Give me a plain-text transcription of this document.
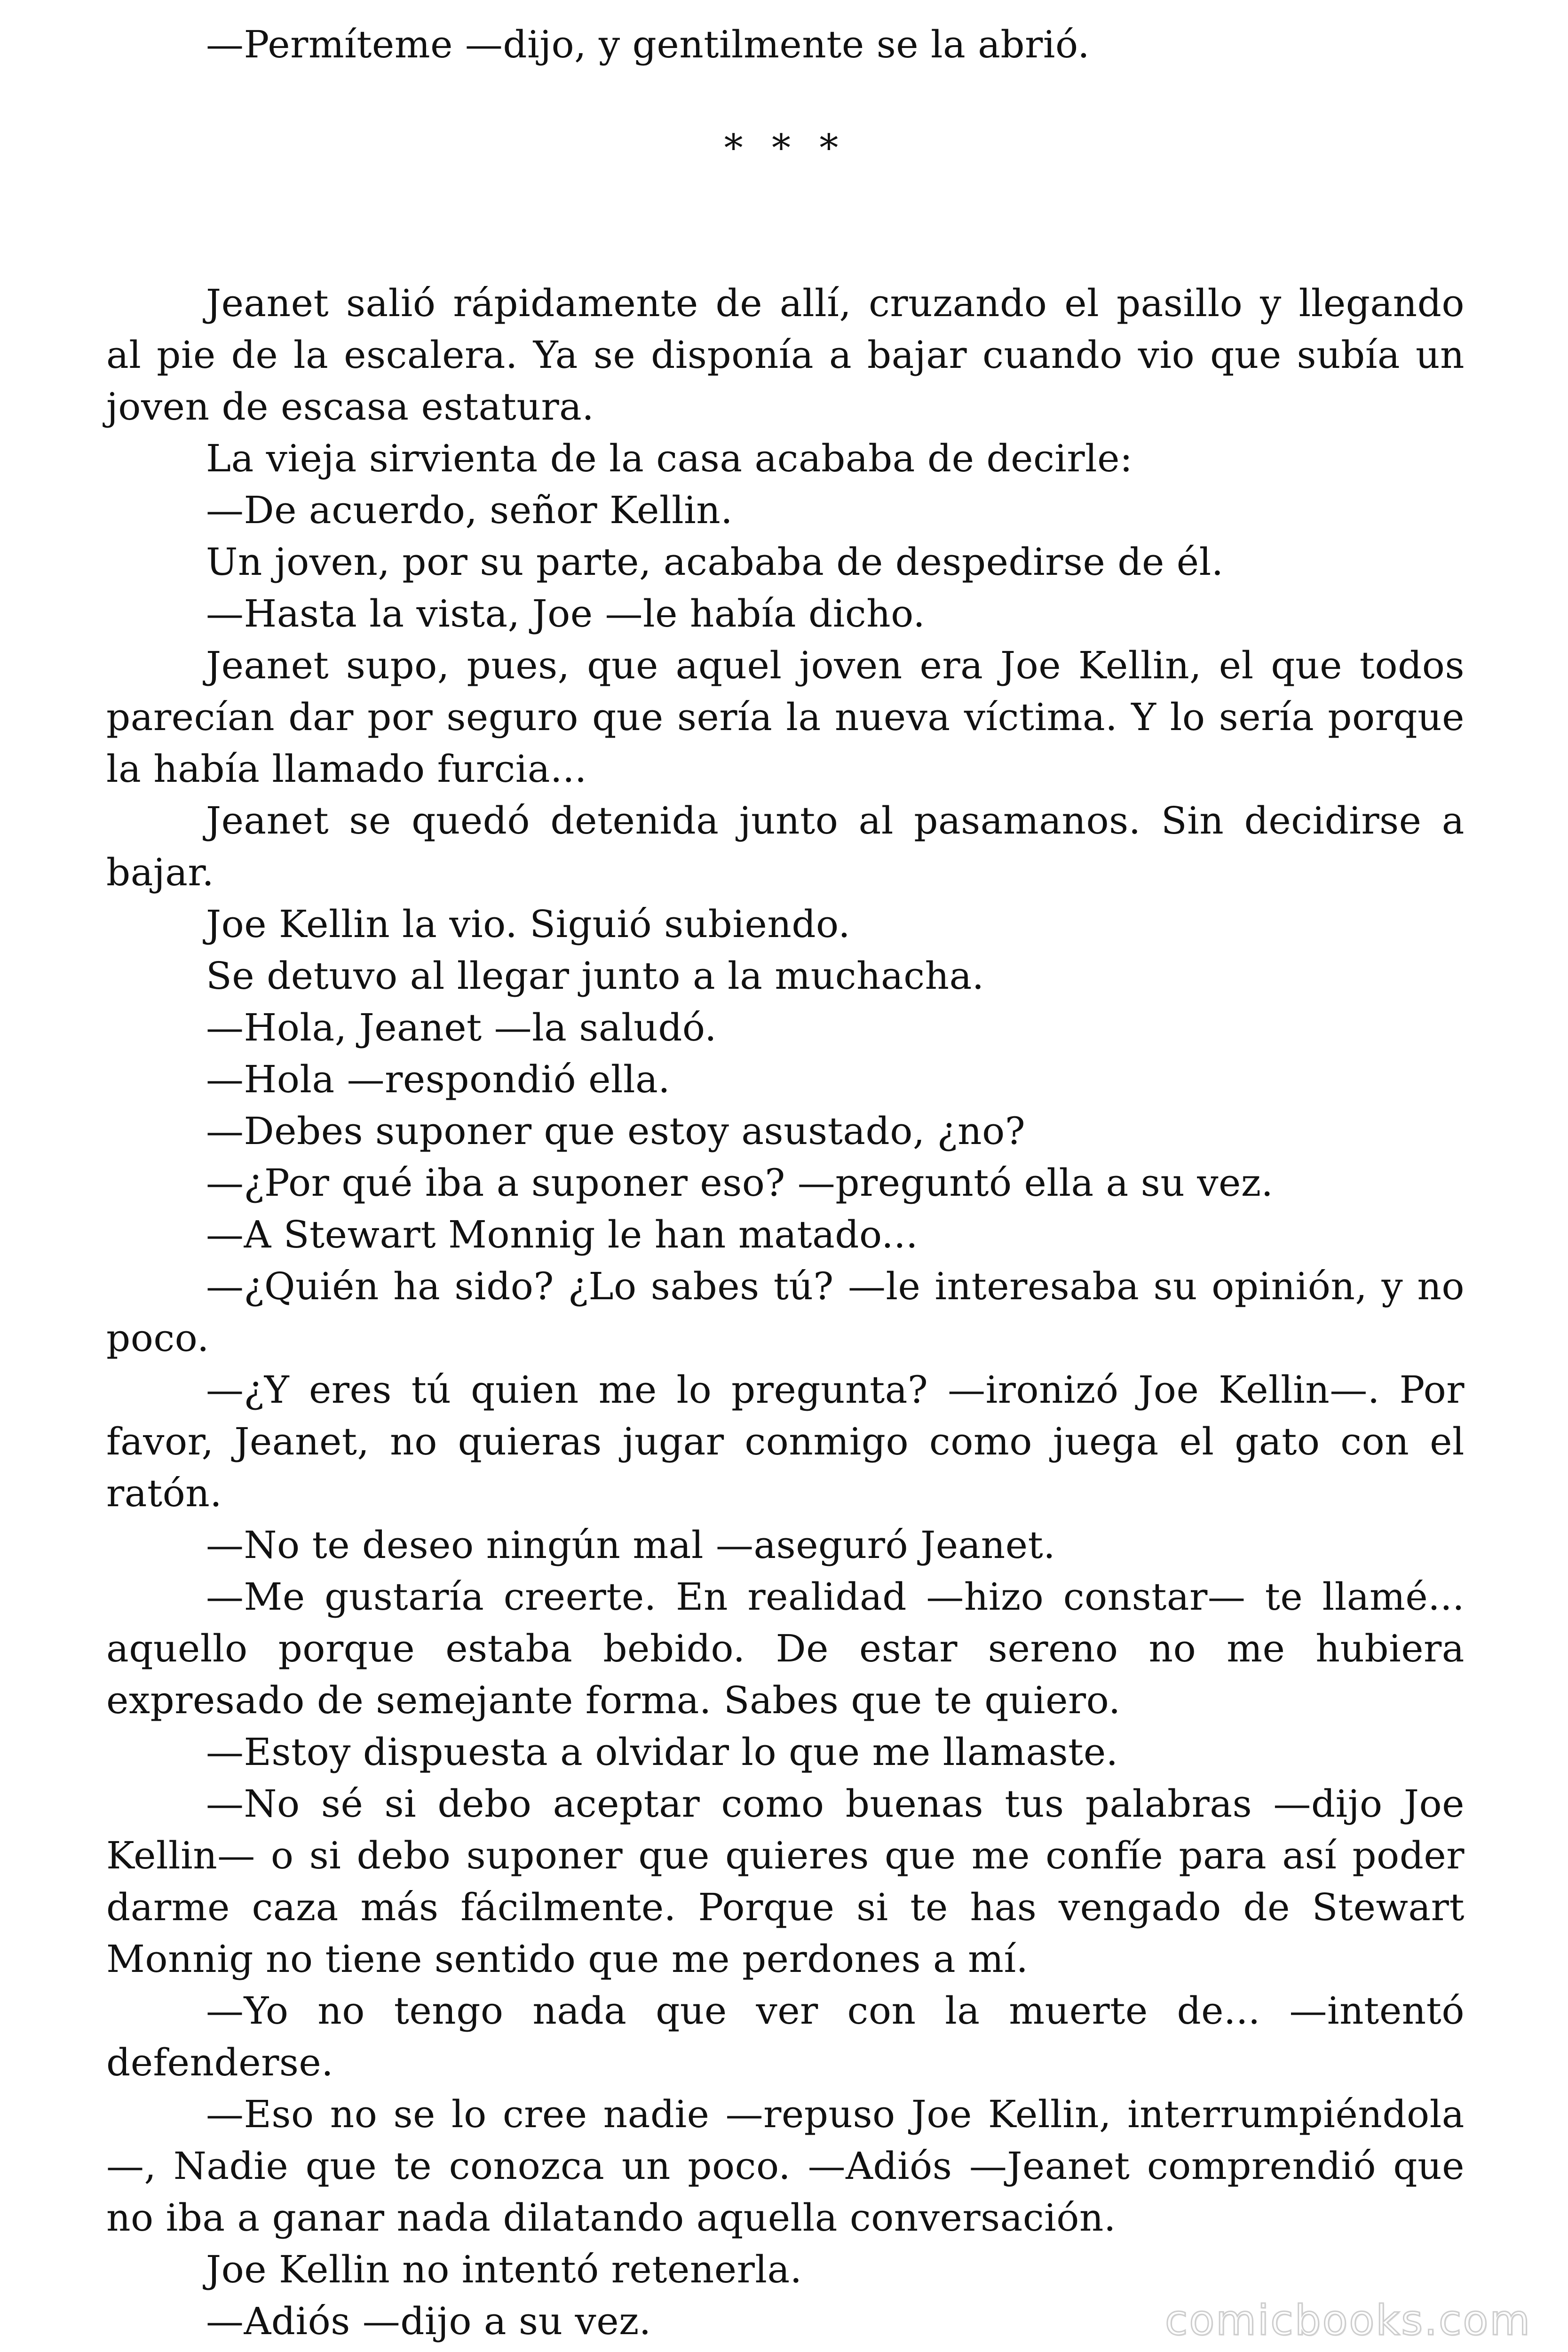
—Permíteme —dijo, y gentilmente se la abrió.

* * *

Jeanet salió rápidamente de allí, cruzando el pasillo y llegando al pie de la escalera. Ya se disponía a bajar cuando vio que subía un joven de escasa estatura.

La vieja sirvienta de la casa acababa de decirle:

—De acuerdo, señor Kellin.

Un joven, por su parte, acababa de despedirse de él.

—Hasta la vista, Joe —le había dicho.

Jeanet supo, pues, que aquel joven era Joe Kellin, el que todos parecían dar por seguro que sería la nueva víctima. Y lo sería porque la había llamado furcia...

Jeanet se quedó detenida junto al pasamanos. Sin decidirse a bajar.

Joe Kellin la vio. Siguió subiendo.

Se detuvo al llegar junto a la muchacha.

—Hola, Jeanet —la saludó.

—Hola —respondió ella.

—Debes suponer que estoy asustado, ¿no?

—¿Por qué iba a suponer eso? —preguntó ella a su vez.

—A Stewart Monnig le han matado...

—¿Quién ha sido? ¿Lo sabes tú? —le interesaba su opinión, y no poco.

—¿Y eres tú quien me lo pregunta? —ironizó Joe Kellin—. Por favor, Jeanet, no quieras jugar conmigo como juega el gato con el ratón.

—No te deseo ningún mal —aseguró Jeanet.

—Me gustaría creerte. En realidad —hizo constar— te llamé... aquello porque estaba bebido. De estar sereno no me hubiera expresado de semejante forma. Sabes que te quiero.

—Estoy dispuesta a olvidar lo que me llamaste.

—No sé si debo aceptar como buenas tus palabras —dijo Joe Kellin— o si debo suponer que quieres que me confíe para así poder darme caza más fácilmente. Porque si te has vengado de Stewart Monnig no tiene sentido que me perdones a mí.

—Yo no tengo nada que ver con la muerte de... —intentó defenderse.

—Eso no se lo cree nadie —repuso Joe Kellin, interrumpiéndola—, Nadie que te conozca un poco. —Adiós —Jeanet comprendió que no iba a ganar nada dilatando aquella conversación.

Joe Kellin no intentó retenerla.

—Adiós —dijo a su vez.	comicbooks.com
